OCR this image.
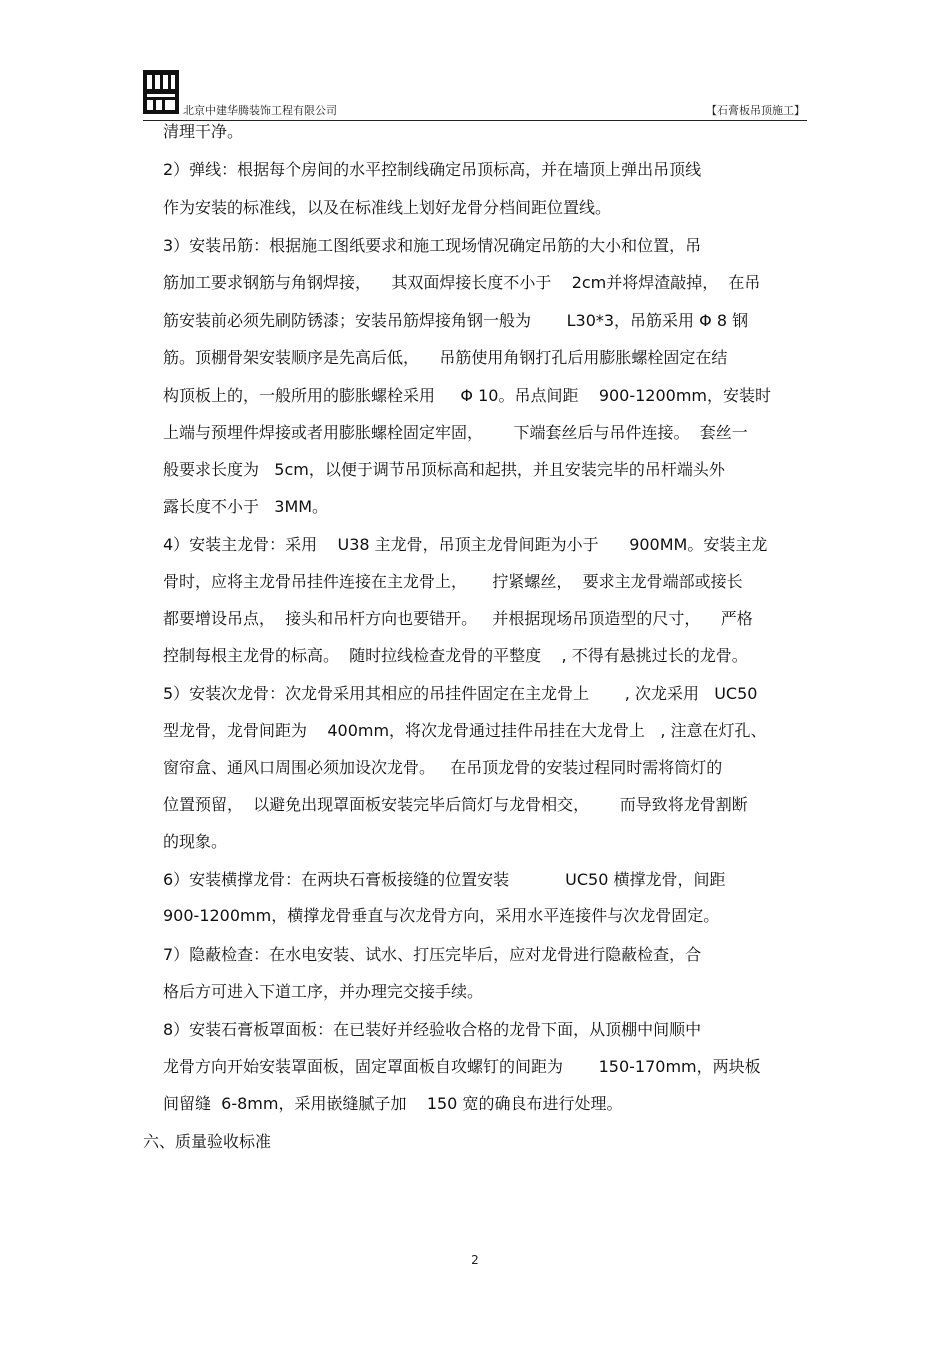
北京中建华腾装饰工程有限公司	【石膏板吊顶施工】
清理干净。
2）弹线：根据每个房间的水平控制线确定吊顶标高，并在墙顶上弹出吊顶线
作为安装的标准线，以及在标准线上划好龙骨分档间距位置线。
3）安装吊筋：根据施工图纸要求和施工现场情况确定吊筋的大小和位置，吊
筋加工要求钢筋与角钢焊接，    其双面焊接长度不小于    2cm并将焊渣敲掉，  在吊
筋安装前必须先刷防锈漆；安装吊筋焊接角钢一般为       L30*3，吊筋采用 Φ 8 钢
筋。顶棚骨架安装顺序是先高后低，    吊筋使用角钢打孔后用膨胀螺栓固定在结
构顶板上的，一般所用的膨胀螺栓采用     Φ 10。吊点间距    900-1200mm，安装时
上端与预埋件焊接或者用膨胀螺栓固定牢固，      下端套丝后与吊件连接。  套丝一
般要求长度为   5cm，以便于调节吊顶标高和起拱，并且安装完毕的吊杆端头外
露长度不小于   3MM。
4）安装主龙骨：采用    U38 主龙骨，吊顶主龙骨间距为小于      900MM。安装主龙
骨时，应将主龙骨吊挂件连接在主龙骨上，     拧紧螺丝，  要求主龙骨端部或接长
都要增设吊点，  接头和吊杆方向也要错开。   并根据现场吊顶造型的尺寸，    严格
控制每根主龙骨的标高。  随时拉线检查龙骨的平整度    , 不得有悬挑过长的龙骨。
5）安装次龙骨：次龙骨采用其相应的吊挂件固定在主龙骨上       , 次龙采用   UC50
型龙骨，龙骨间距为    400mm，将次龙骨通过挂件吊挂在大龙骨上   , 注意在灯孔、
窗帘盒、通风口周围必须加设次龙骨。   在吊顶龙骨的安装过程同时需将筒灯的
位置预留，  以避免出现罩面板安装完毕后筒灯与龙骨相交，      而导致将龙骨割断
的现象。
6）安装横撑龙骨：在两块石膏板接缝的位置安装           UC50 横撑龙骨，间距
900-1200mm，横撑龙骨垂直与次龙骨方向，采用水平连接件与次龙骨固定。
7）隐蔽检查：在水电安装、试水、打压完毕后，应对龙骨进行隐蔽检查，合
格后方可进入下道工序，并办理完交接手续。
8）安装石膏板罩面板：在已装好并经验收合格的龙骨下面，从顶棚中间顺中
龙骨方向开始安装罩面板，固定罩面板自攻螺钉的间距为       150-170mm，两块板
间留缝  6-8mm，采用嵌缝腻子加    150 宽的确良布进行处理。
六、质量验收标准
2
